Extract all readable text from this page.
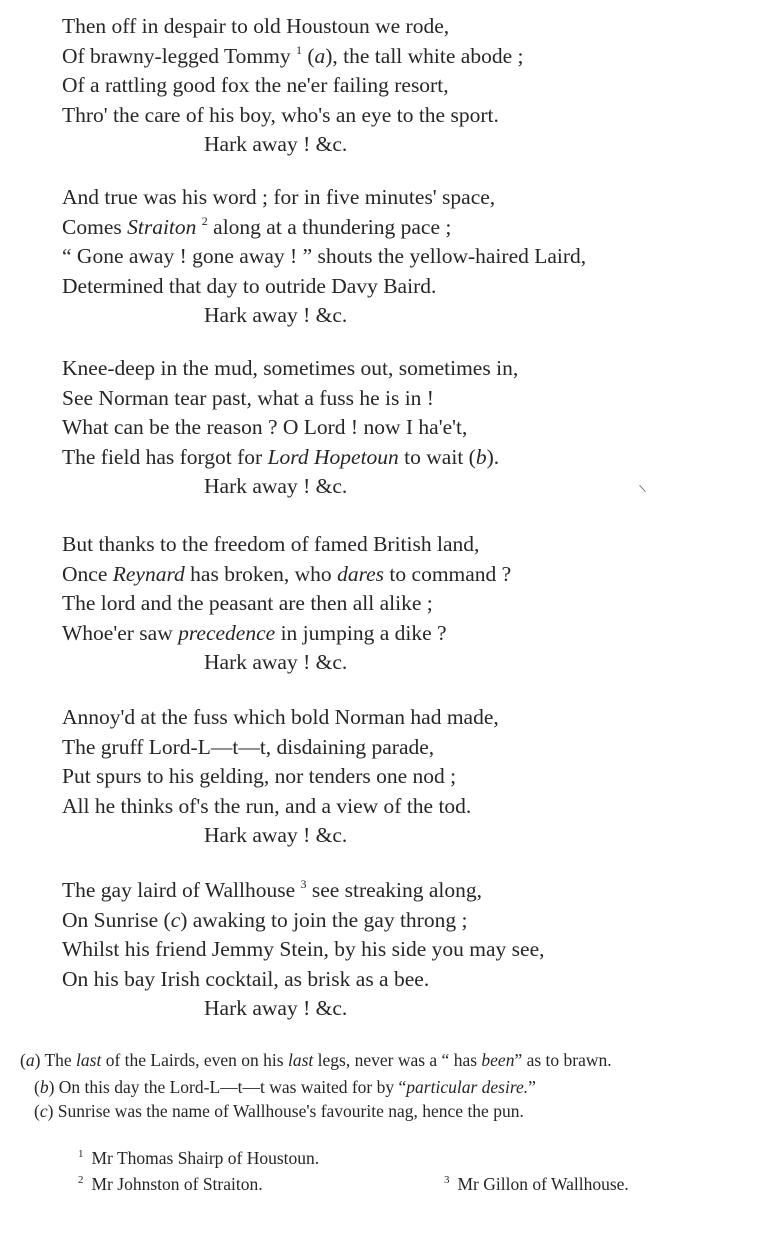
Then off in despair to old Houstoun we rode,
Of brawny-legged Tommy $^1$ (a), the tall white abode ;
Of a rattling good fox the ne'er failing resort,
Thro' the care of his boy, who's an eye to the sport.
Hark away ! &c.
And true was his word ; for in five minutes' space,
Comes Straiton $^2$ along at a thundering pace ;
“ Gone away ! gone away ! ” shouts the yellow-haired Laird,
Determined that day to outride Davy Baird.
Hark away ! &c.
Knee-deep in the mud, sometimes out, sometimes in,
See Norman tear past, what a fuss he is in !
What can be the reason ? O Lord ! now I ha'e't,
The field has forgot for Lord Hopetoun to wait (b).
Hark away ! &c.
But thanks to the freedom of famed British land,
Once Reynard has broken, who dares to command ?
The lord and the peasant are then all alike ;
Whoe'er saw precedence in jumping a dike ?
Hark away ! &c.
Annoy'd at the fuss which bold Norman had made,
The gruff Lord-L—t—t, disdaining parade,
Put spurs to his gelding, nor tenders one nod ;
All he thinks of's the run, and a view of the tod.
Hark away ! &c.
The gay laird of Wallhouse $^3$ see streaking along,
On Sunrise (c) awaking to join the gay throng ;
Whilst his friend Jemmy Stein, by his side you may see,
On his bay Irish cocktail, as brisk as a bee.
Hark away ! &c.
(a) The last of the Lairds, even on his last legs, never was a “ has been” as to brawn.
(b) On this day the Lord-L—t—t was waited for by “particular desire.”
(c) Sunrise was the name of Wallhouse's favourite nag, hence the pun.
$^1$ Mr Thomas Shairp of Houstoun.
$^2$ Mr Johnston of Straiton.	$^3$ Mr Gillon of Wallhouse.
